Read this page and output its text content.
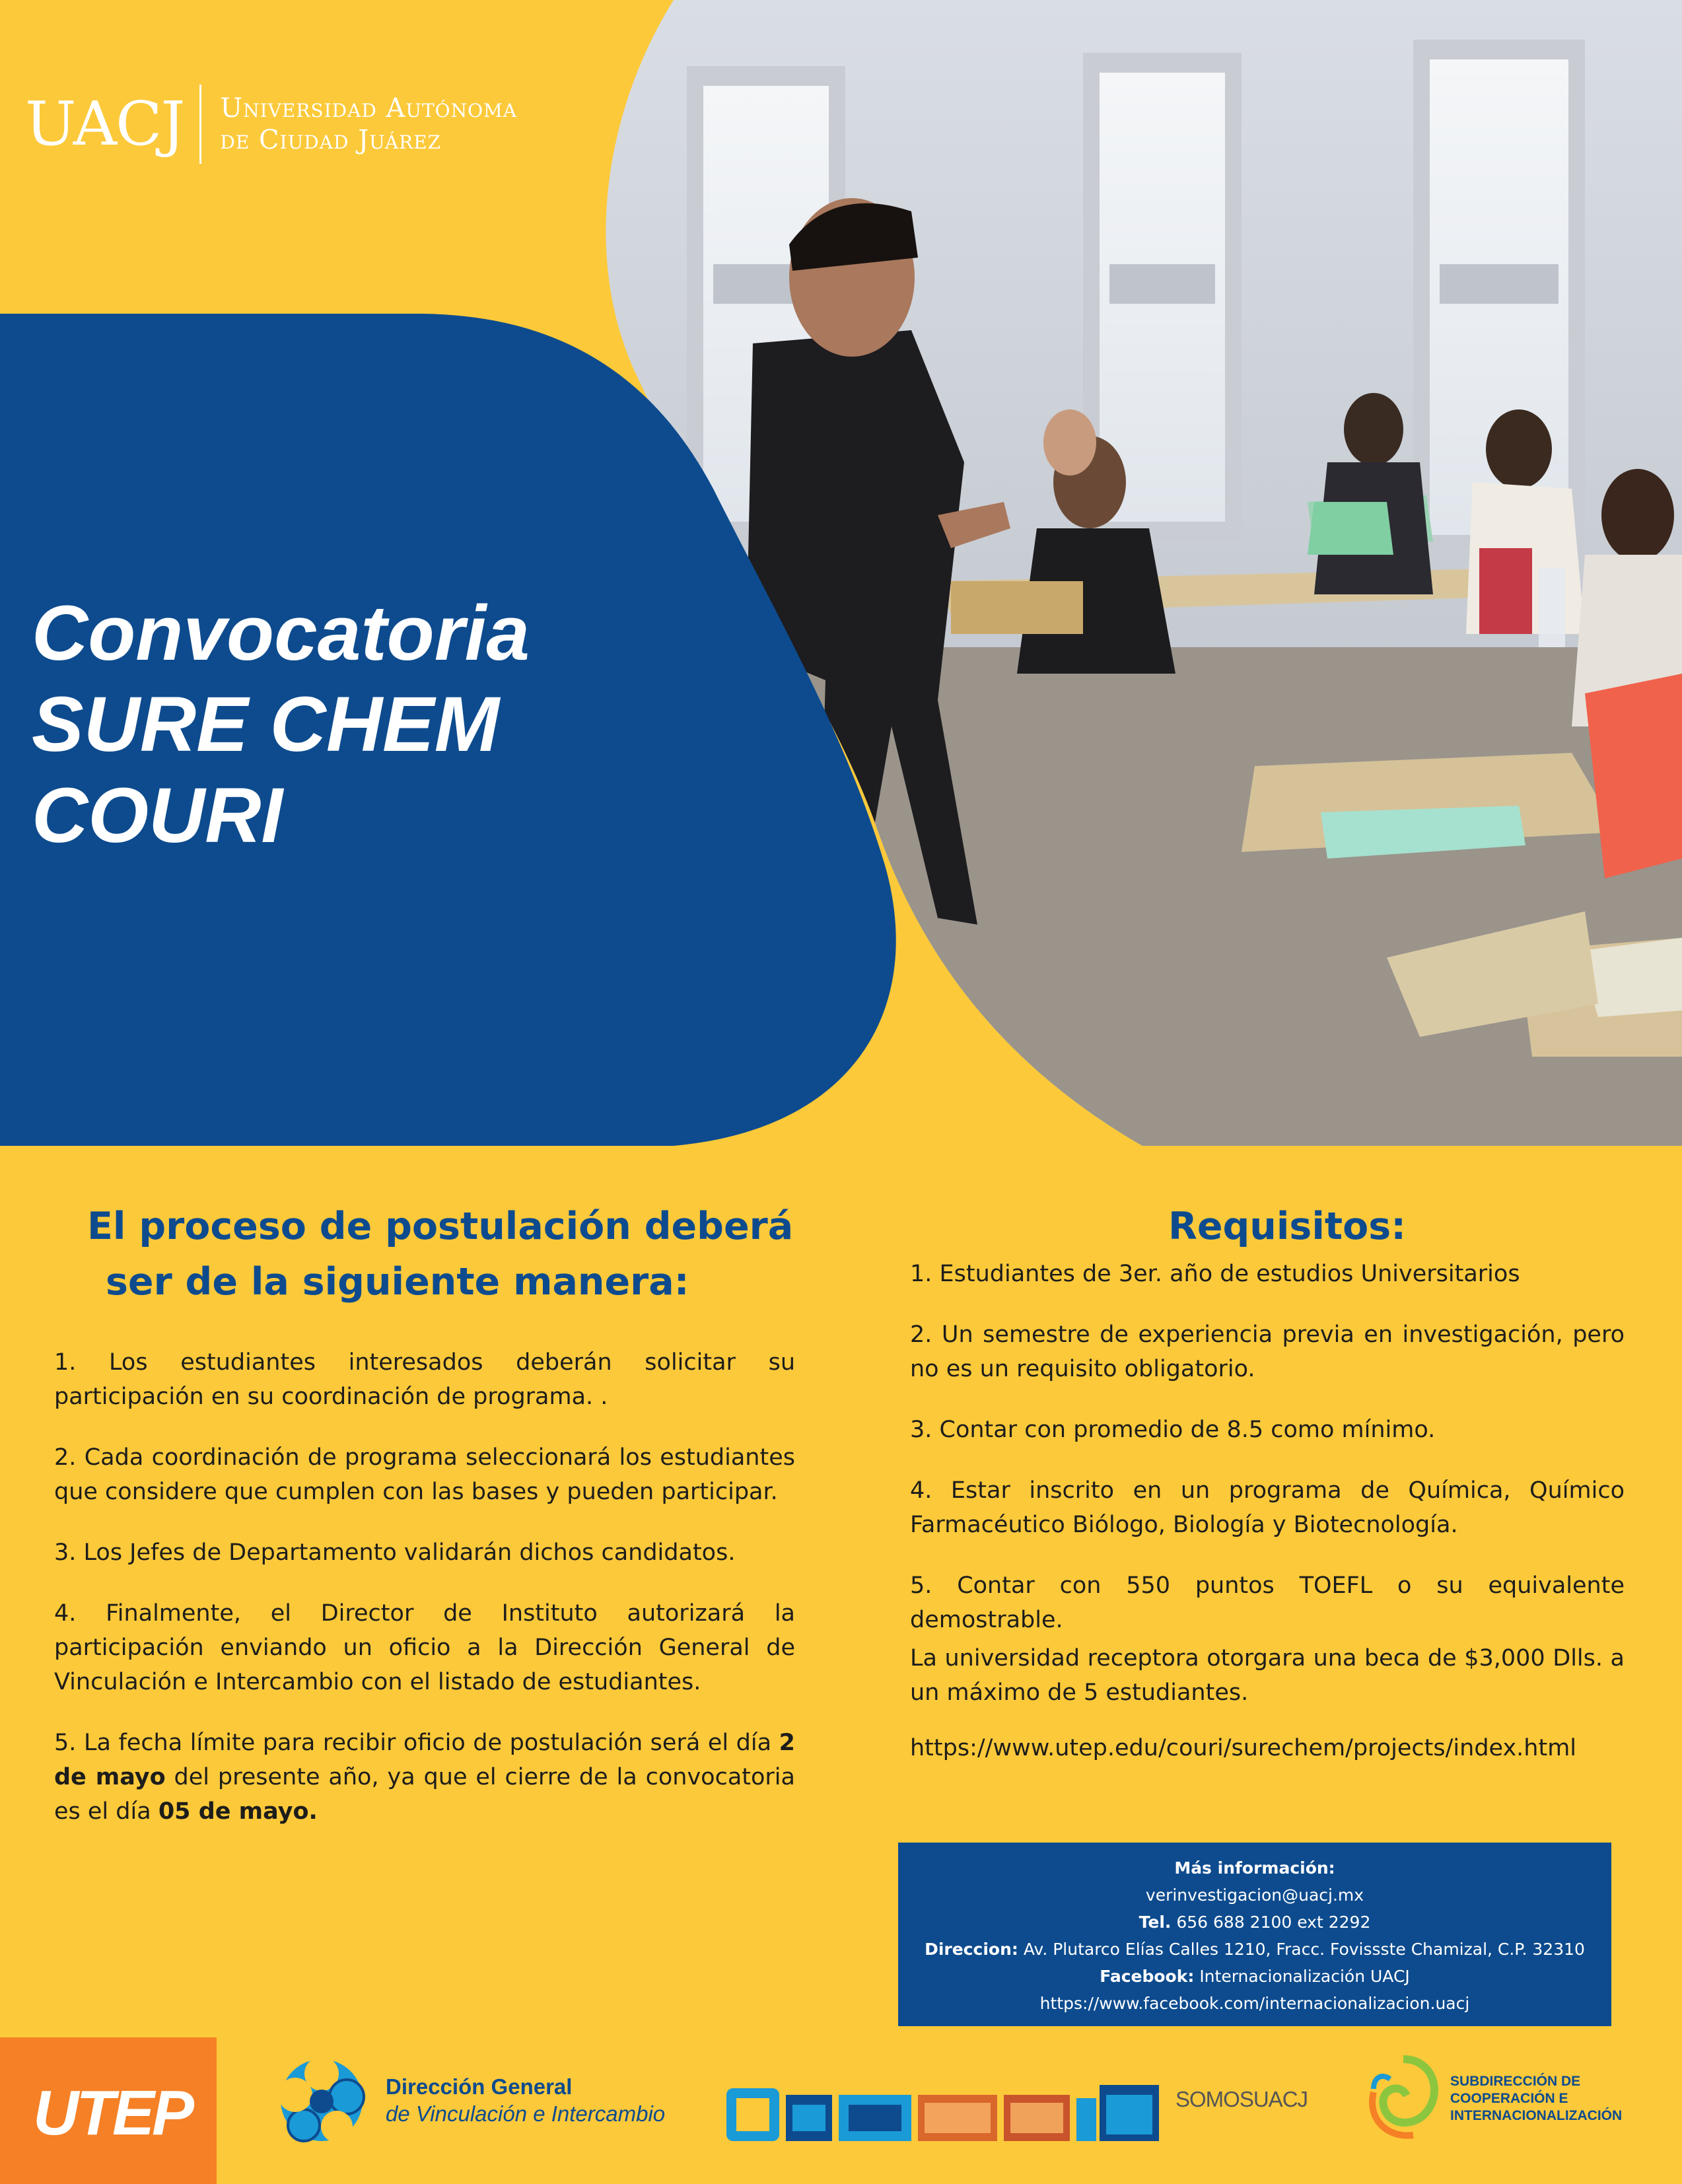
UACJ Universidad Autónoma
de Ciudad Juárez
Convocatoria
SURE CHEM
COURI
El proceso de postulación deberá
ser de la siguiente manera:

1. Los estudiantes interesados deberán solicitar su participación en su coordinación de programa. .

2. Cada coordinación de programa seleccionará los estudiantes que considere que cumplen con las bases y pueden participar.

3. Los Jefes de Departamento validarán dichos candidatos.

4. Finalmente, el Director de Instituto autorizará la participación enviando un oficio a la Dirección General de Vinculación e Intercambio con el listado de estudiantes.

5. La fecha límite para recibir oficio de postulación será el día 2 de mayo del presente año, ya que el cierre de la convocatoria es el día 05 de mayo.

Requisitos:

1. Estudiantes de 3er. año de estudios Universitarios

2. Un semestre de experiencia previa en investigación, pero no es un requisito obligatorio.

3. Contar con promedio de 8.5 como mínimo.

4. Estar inscrito en un programa de Química, Químico Farmacéutico Biólogo, Biología y Biotecnología.

5. Contar con 550 puntos TOEFL o su equivalente demostrable.

La universidad receptora otorgara una beca de $3,000 Dlls. a un máximo de 5 estudiantes.

https://www.utep.edu/couri/surechem/projects/index.html
Más información:
verinvestigacion@uacj.mx
Tel. 656 688 2100 ext 2292
Direccion: Av. Plutarco Elías Calles 1210, Fracc. Fovissste Chamizal, C.P. 32310
Facebook: Internacionalización UACJ
https://www.facebook.com/internacionalizacion.uacj
UTEP	Dirección General
de Vinculación e Intercambio
SOMOSUACJ
SUBDIRECCIÓN DE
COOPERACIÓN E
INTERNACIONALIZACIÓN
